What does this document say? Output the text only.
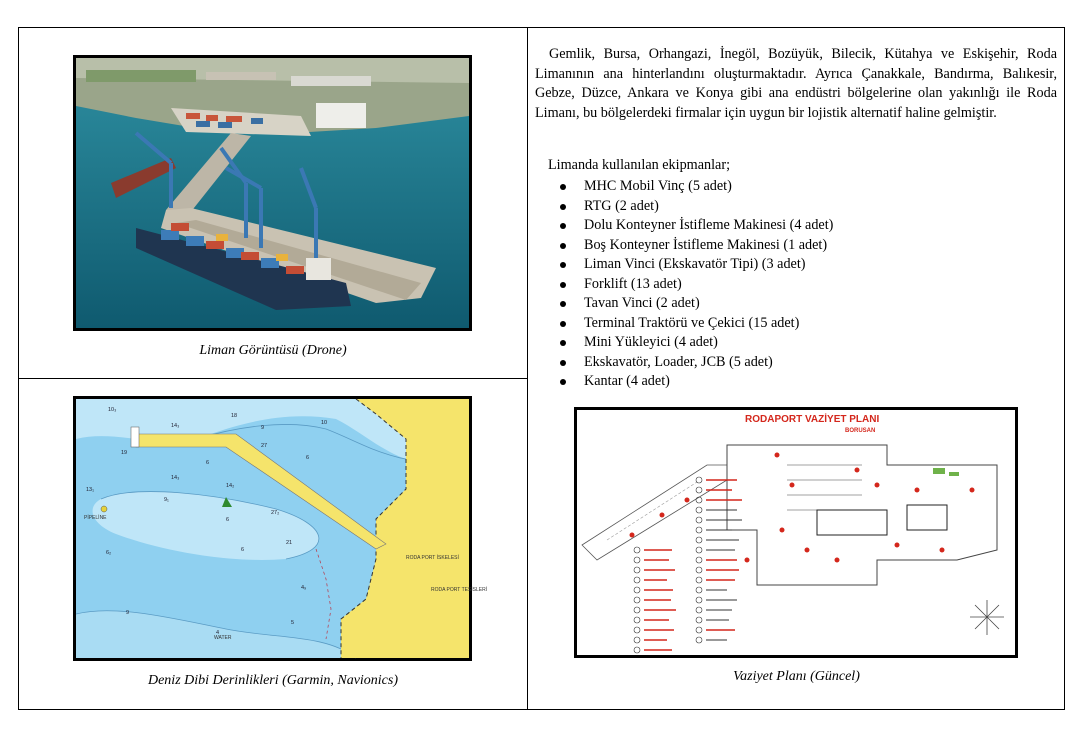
Liman Görüntüsü (Drone)
10₃
14₃
18
9
27
14₃
14₂
13₁
19
6
6
6
27₂
21
9₁
4₉
6₂	6
9
10
5
4
RODA PORT İSKELESİ
RODA PORT TESİSLERİ
PİPELİNE
WATER
Deniz Dibi Derinlikleri (Garmin, Navionics)

Gemlik, Bursa, Orhangazi, İnegöl, Bozüyük, Bilecik, Kütahya ve Eskişehir, Roda Limanının ana hinterlandını oluşturmaktadır. Ayrıca Çanakkale, Bandırma, Balıkesir, Gebze, Düzce, Ankara ve Konya gibi ana endüstri bölgelerine olan yakınlığı ile Roda Limanı, bu bölgelerdeki firmalar için uygun bir lojistik alternatif haline gelmiştir.

Limanda kullanılan ekipmanlar;
MHC Mobil Vinç (5 adet)
RTG (2 adet)
Dolu Konteyner İstifleme Makinesi (4 adet)
Boş Konteyner İstifleme Makinesi (1 adet)
Liman Vinci (Ekskavatör Tipi) (3 adet)
Forklift (13 adet)
Tavan Vinci (2 adet)
Terminal Traktörü ve Çekici (15 adet)
Mini Yükleyici (4 adet)
Ekskavatör, Loader, JCB (5 adet)
Kantar (4 adet)
RODAPORT VAZİYET PLANI
BORUSAN
Vaziyet Planı (Güncel)
